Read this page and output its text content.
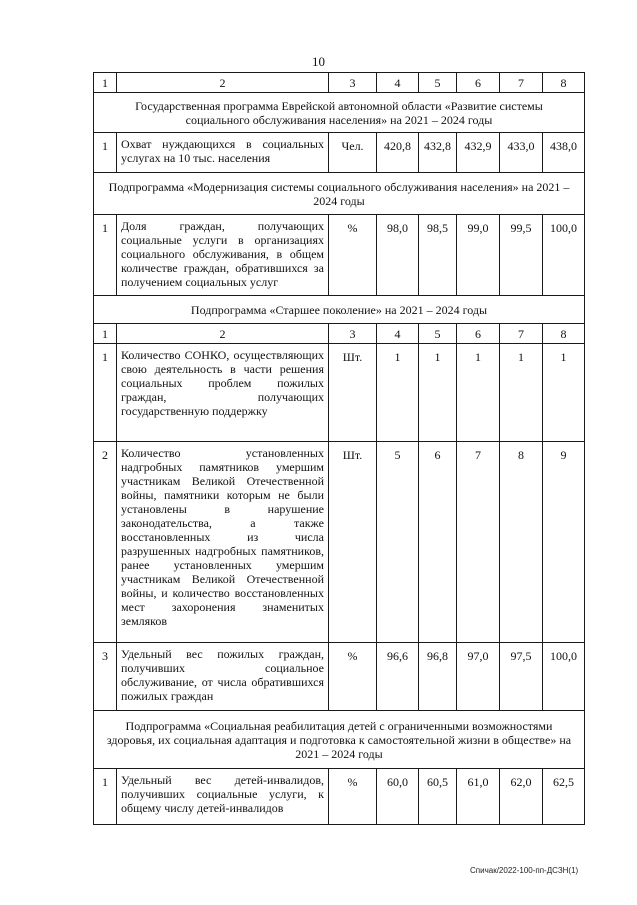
10
1	2	3	4	5	6	7	8
Государственная программа Еврейской автономной области «Развитие системы социального обслуживания населения» на 2021 – 2024 годы							
1	Охват нуждающихся в социальных услугах на 10 тыс. населения	Чел.	420,8	432,8	432,9	433,0	438,0
Подпрограмма «Модернизация системы социального обслуживания населения» на 2021 – 2024 годы							
1	Доля граждан, получающих социальные услуги в организациях социального обслуживания, в общем количестве граждан, обратившихся за получением социальных услуг	%	98,0	98,5	99,0	99,5	100,0
Подпрограмма «Старшее поколение» на 2021 – 2024 годы							
1	2	3	4	5	6	7	8
1	Количество СОНКО, осуществляющих свою деятельность в части решения социальных проблем пожилых граждан, получающих государственную поддержку	Шт.	1	1	1	1	1
2	Количество установленных надгробных памятников умершим участникам Великой Отечественной войны, памятники которым не были установлены в нарушение законодательства, а также восстановленных из числа разрушенных надгробных памятников, ранее установленных умершим участникам Великой Отечественной войны, и количество восстановленных мест захоронения знаменитых земляков	Шт.	5	6	7	8	9
3	Удельный вес пожилых граждан, получивших социальное обслуживание, от числа обратившихся пожилых граждан	%	96,6	96,8	97,0	97,5	100,0
Подпрограмма «Социальная реабилитация детей с ограниченными возможностями здоровья, их социальная адаптация и подготовка к самостоятельной жизни в обществе» на 2021 – 2024 годы							
1	Удельный вес детей-инвалидов, получивших социальные услуги, к общему числу детей-инвалидов	%	60,0	60,5	61,0	62,0	62,5
Спичак/2022-100-пп-ДСЗН(1)
